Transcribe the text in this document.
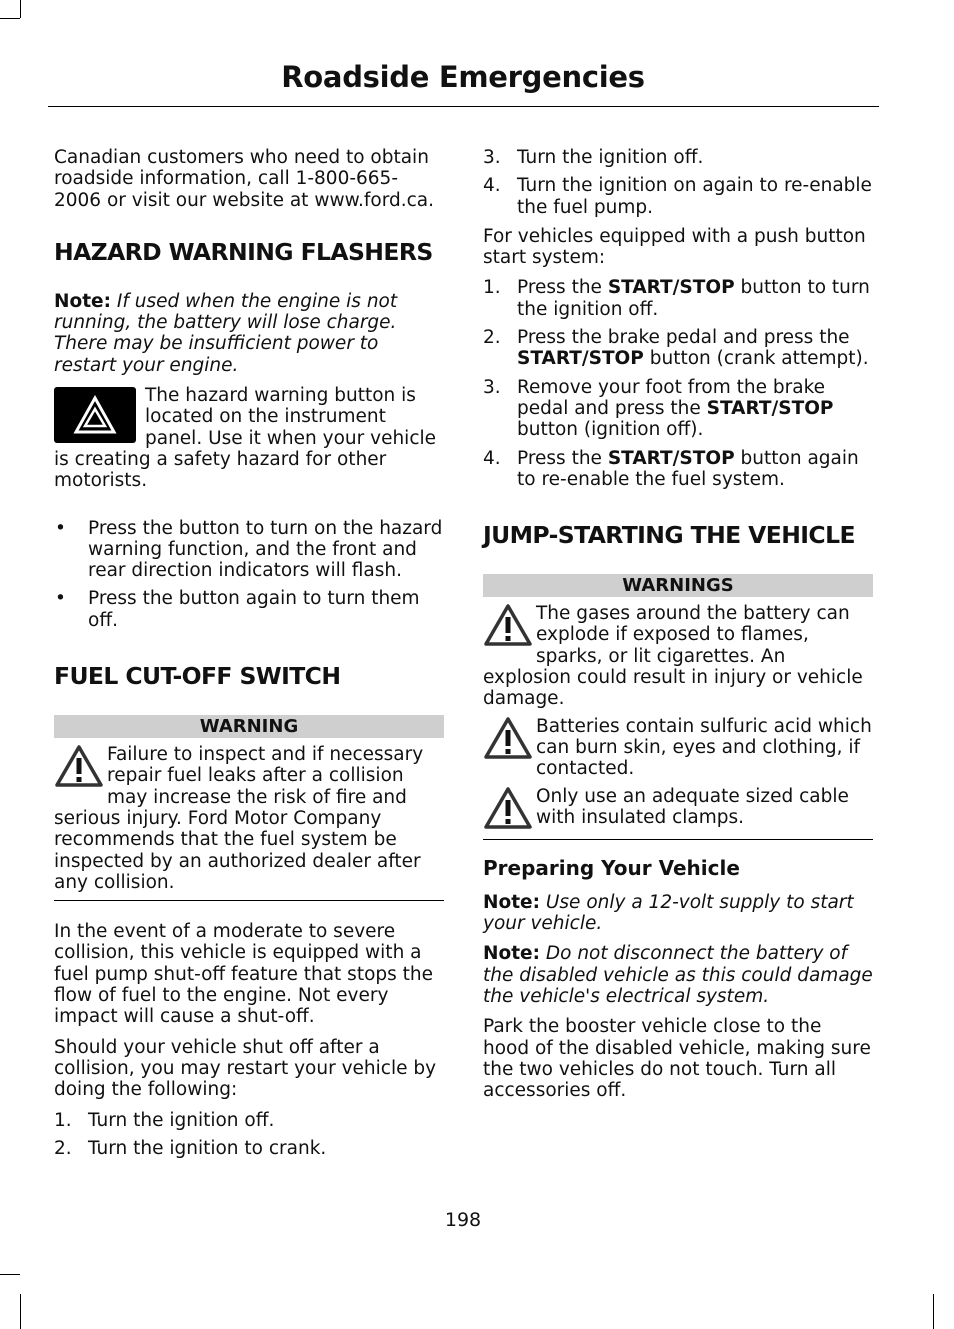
Roadside Emergencies

Canadian customers who need to obtain roadside information, call 1-800-665-2006 or visit our website at www.ford.ca.

HAZARD WARNING FLASHERS

Note: If used when the engine is not running, the battery will lose charge. There may be insufficient power to restart your engine.

The hazard warning button is located on the instrument panel. Use it when your vehicle is creating a safety hazard for other motorists.

• Press the button to turn on the hazard warning function, and the front and rear direction indicators will flash.
• Press the button again to turn them off.
FUEL CUT-OFF SWITCH
WARNING

Failure to inspect and if necessary repair fuel leaks after a collision may increase the risk of fire and serious injury. Ford Motor Company recommends that the fuel system be inspected by an authorized dealer after any collision.

In the event of a moderate to severe collision, this vehicle is equipped with a fuel pump shut-off feature that stops the flow of fuel to the engine. Not every impact will cause a shut-off.

Should your vehicle shut off after a collision, you may restart your vehicle by doing the following:

1. Turn the ignition off.
2. Turn the ignition to crank.
3. Turn the ignition off.
4. Turn the ignition on again to re-enable the fuel pump.

For vehicles equipped with a push button start system:

1. Press the START/STOP button to turn the ignition off.
2. Press the brake pedal and press the START/STOP button (crank attempt).
3. Remove your foot from the brake pedal and press the START/STOP button (ignition off).
4. Press the START/STOP button again to re-enable the fuel system.
JUMP-STARTING THE VEHICLE
WARNINGS

The gases around the battery can explode if exposed to flames, sparks, or lit cigarettes. An explosion could result in injury or vehicle damage.

Batteries contain sulfuric acid which can burn skin, eyes and clothing, if contacted.

Only use an adequate sized cable with insulated clamps.

Preparing Your Vehicle

Note: Use only a 12-volt supply to start your vehicle.

Note: Do not disconnect the battery of the disabled vehicle as this could damage the vehicle's electrical system.

Park the booster vehicle close to the hood of the disabled vehicle, making sure the two vehicles do not touch. Turn all accessories off.

198
